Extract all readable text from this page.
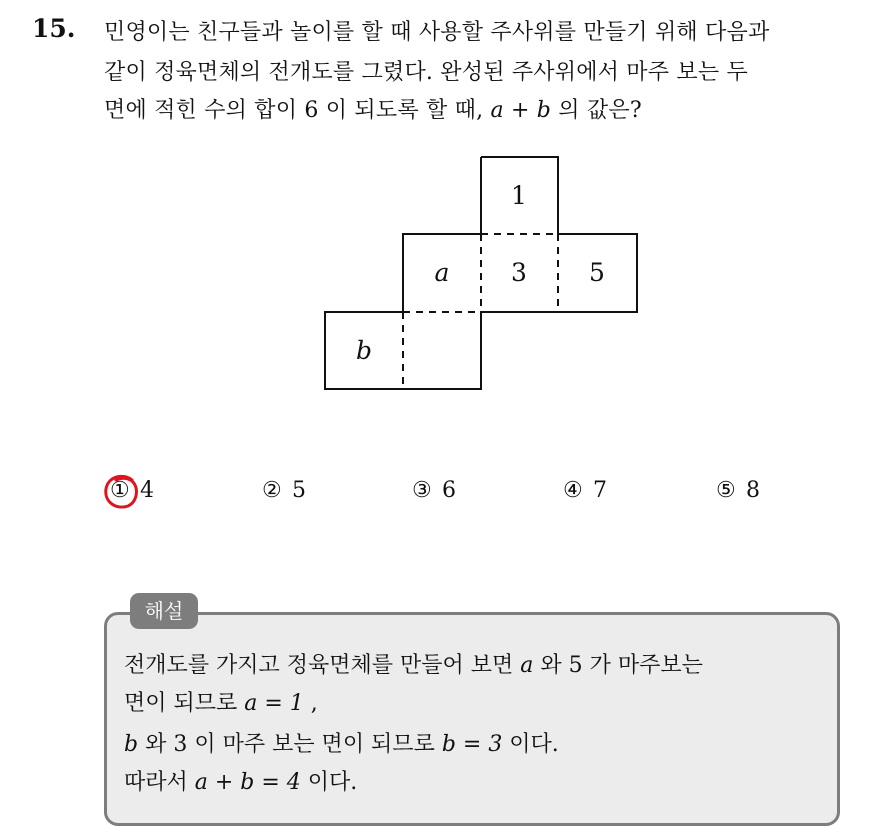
15. 민영이는 친구들과 놀이를 할 때 사용할 주사위를 만들기 위해 다음과
같이 정육면체의 전개도를 그렸다. 완성된 주사위에서 마주 보는 두
면에 적힌 수의 합이 6 이 되도록 할 때, a + b 의 값은?
1
a 3 5
b
① 4	② 5	③ 6	④ 7	⑤ 8
해설
전개도를 가지고 정육면체를 만들어 보면 a 와 5 가 마주보는
면이 되므로 a = 1 ,
b 와 3 이 마주 보는 면이 되므로 b = 3 이다.
따라서 a + b = 4 이다.
